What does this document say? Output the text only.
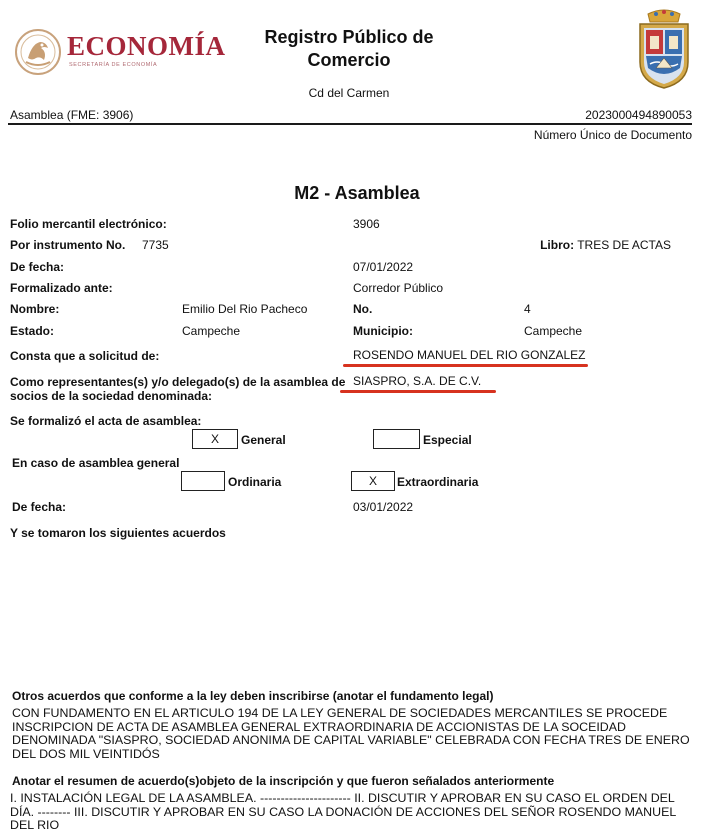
ECONOMÍA
SECRETARÍA DE ECONOMÍA
Registro Público de
Comercio
Cd del Carmen
Asamblea (FME: 3906)	2023000494890053
Número Único de Documento
M2 - Asamblea
Folio mercantil electrónico:	3906
Por instrumento No. 7735	Libro: TRES DE ACTAS
De fecha:	07/01/2022
Formalizado ante:	Corredor Público
Nombre:	Emilio Del Rio Pacheco	No.	4
Estado:	Campeche	Municipio:	Campeche
Consta que a solicitud de:	ROSENDO MANUEL DEL RIO GONZALEZ
Como representantes(s) y/o delegado(s) de la asamblea de
socios de la sociedad denominada:
SIASPRO, S.A. DE C.V.
Se formalizó el acta de asamblea:
X	General	Especial
En caso de asamblea general
Ordinaria	X	Extraordinaria
De fecha:	03/01/2022
Y se tomaron los siguientes acuerdos
Otros acuerdos que conforme a la ley deben inscribirse (anotar el fundamento legal)
CON FUNDAMENTO EN EL ARTICULO 194 DE LA LEY GENERAL DE SOCIEDADES MERCANTILES SE PROCEDE INSCRIPCION DE ACTA DE ASAMBLEA GENERAL EXTRAORDINARIA DE ACCIONISTAS DE LA SOCEIDAD DENOMINADA "SIASPRO, SOCIEDAD ANONIMA DE CAPITAL VARIABLE" CELEBRADA CON FECHA TRES DE ENERO DEL DOS MIL VEINTIDÓS
Anotar el resumen de acuerdo(s)objeto de la inscripción y que fueron señalados anteriormente
I. INSTALACIÓN LEGAL DE LA ASAMBLEA. ---------------------- II. DISCUTIR Y APROBAR EN SU CASO EL ORDEN DEL DÍA. -------- III. DISCUTIR Y APROBAR EN SU CASO LA DONACIÓN DE ACCIONES DEL SEÑOR ROSENDO MANUEL DEL RIO
